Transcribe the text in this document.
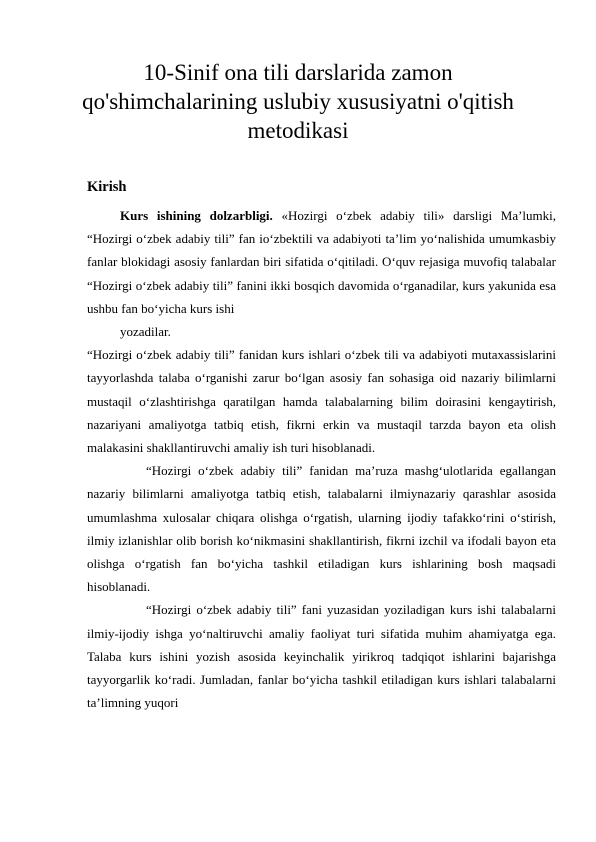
10-Sinif ona tili darslarida zamon qo'shimchalarining uslubiy xususiyatni o'qitish metodikasi
Kirish

Kurs ishining dolzarbligi. «Hozirgi o‘zbek adabiy tili» darsligi Ma’lumki, “Hozirgi o‘zbek adabiy tili” fan io‘zbektili va adabiyoti ta’lim yo‘nalishida umumkasbiy fanlar blokidagi asosiy fanlardan biri sifatida o‘qitiladi. O‘quv rejasiga muvofiq talabalar “Hozirgi o‘zbek adabiy tili” fanini ikki bosqich davomida o‘rganadilar, kurs yakunida esa ushbu fan bo‘yicha kurs ishi

yozadilar.

“Hozirgi o‘zbek adabiy tili” fanidan kurs ishlari o‘zbek tili va adabiyoti mutaxassislarini tayyorlashda talaba o‘rganishi zarur bo‘lgan asosiy fan sohasiga oid nazariy bilimlarni mustaqil o‘zlashtirishga qaratilgan hamda talabalarning bilim doirasini kengaytirish, nazariyani amaliyotga tatbiq etish, fikrni erkin va mustaqil tarzda bayon eta olish malakasini shakllantiruvchi amaliy ish turi hisoblanadi.

“Hozirgi o‘zbek adabiy tili” fanidan ma’ruza mashg‘ulotlarida egallangan nazariy bilimlarni amaliyotga tatbiq etish, talabalarni ilmiynazariy qarashlar asosida umumlashma xulosalar chiqara olishga o‘rgatish, ularning ijodiy tafakko‘rini o‘stirish, ilmiy izlanishlar olib borish ko‘nikmasini shakllantirish, fikrni izchil va ifodali bayon eta olishga o‘rgatish fan bo‘yicha tashkil etiladigan kurs ishlarining bosh maqsadi hisoblanadi.

“Hozirgi o‘zbek adabiy tili” fani yuzasidan yoziladigan kurs ishi talabalarni ilmiy-ijodiy ishga yo‘naltiruvchi amaliy faoliyat turi sifatida muhim ahamiyatga ega. Talaba kurs ishini yozish asosida keyinchalik yirikroq tadqiqot ishlarini bajarishga tayyorgarlik ko‘radi. Jumladan, fanlar bo‘yicha tashkil etiladigan kurs ishlari talabalarni ta’limning yuqori
